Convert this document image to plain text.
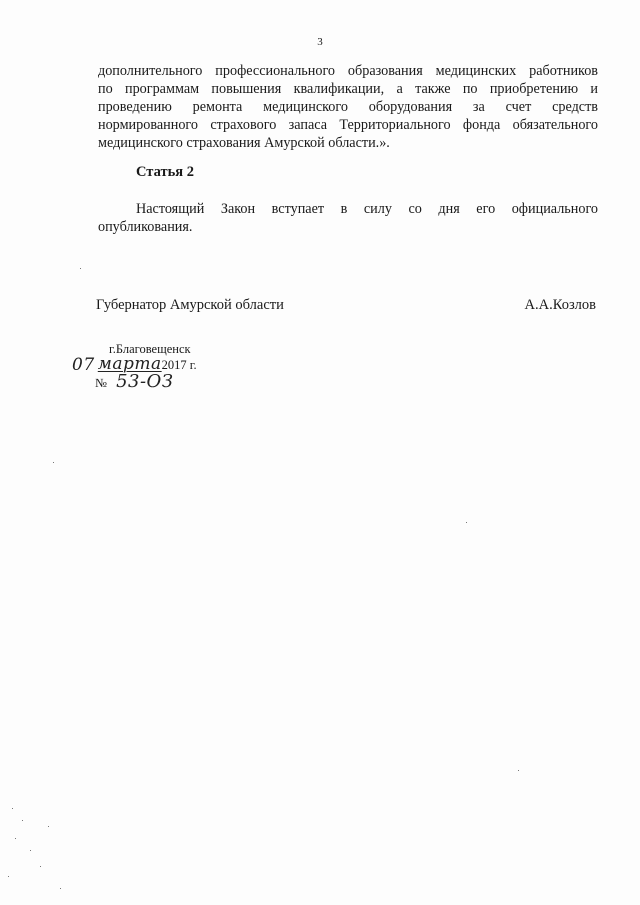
3
дополнительного профессионального образования медицинских работников
по программам повышения квалификации, а также по приобретению и
проведению ремонта медицинского оборудования за счет средств
нормированного страхового запаса Территориального фонда обязательного
медицинского страхования Амурской области.».
Статья 2
Настоящий Закон вступает в силу со дня его официального
опубликования.
Губернатор Амурской области	А.А.Козлов
г.Благовещенск
07 марта2017 г.
№ 53-ОЗ
